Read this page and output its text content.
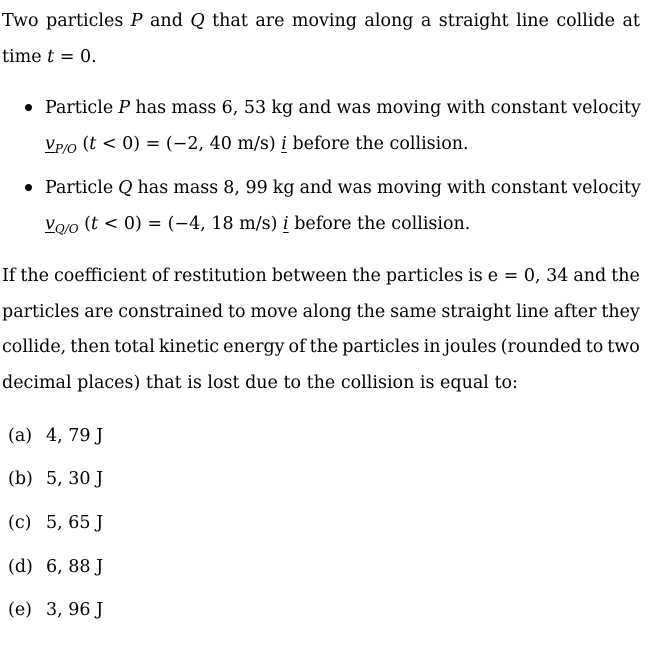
Two particles P and Q that are moving along a straight line collide at
time t = 0.
Particle P has mass 6, 53 kg and was moving with constant velocity
$v_{P/O}$ (t < 0) = (−2, 40 m/s) i before the collision.
Particle Q has mass 8, 99 kg and was moving with constant velocity
$v_{Q/O}$ (t < 0) = (−4, 18 m/s) i before the collision.
If the coefficient of restitution between the particles is e = 0, 34 and the
particles are constrained to move along the same straight line after they
collide, then total kinetic energy of the particles in joules (rounded to two
decimal places) that is lost due to the collision is equal to:
(a) 4, 79 J
(b) 5, 30 J
(c) 5, 65 J
(d) 6, 88 J
(e) 3, 96 J
